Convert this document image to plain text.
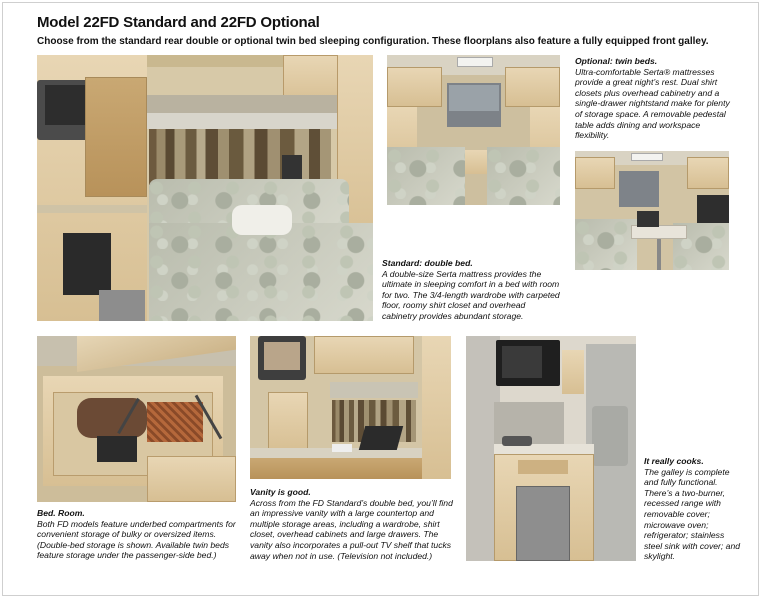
Model 22FD Standard and 22FD Optional

Choose from the standard rear double or optional twin bed sleeping configuration. These floorplans also feature a fully equipped front galley.

Optional: twin beds.
Ultra-comfortable Serta® mattresses provide a great night’s rest. Dual shirt closets plus overhead cabinetry and a single-drawer nightstand make for plenty of storage space. A removable pedestal table adds dining and workspace flexibility.
Standard: double bed.
A double-size Serta mattress provides the ultimate in sleeping comfort in a bed with room for two. The 3/4-length wardrobe with carpeted floor, roomy shirt closet and overhead cabinetry provides abundant storage.
Bed. Room.
Both FD models feature underbed compartments for convenient storage of bulky or oversized items. (Double-bed storage is shown. Available twin beds feature storage under the passenger-side bed.)
Vanity is good.
Across from the FD Standard’s double bed, you’ll find an impressive vanity with a large countertop and multiple storage areas, including a wardrobe, shirt closet, overhead cabinets and large drawers. The vanity also incorporates a pull-out TV shelf that tucks away when not in use. (Television not included.)
It really cooks.
The galley is complete and fully functional. There’s a two-burner, recessed range with removable cover; microwave oven; refrigerator; stainless steel sink with cover; and skylight.
